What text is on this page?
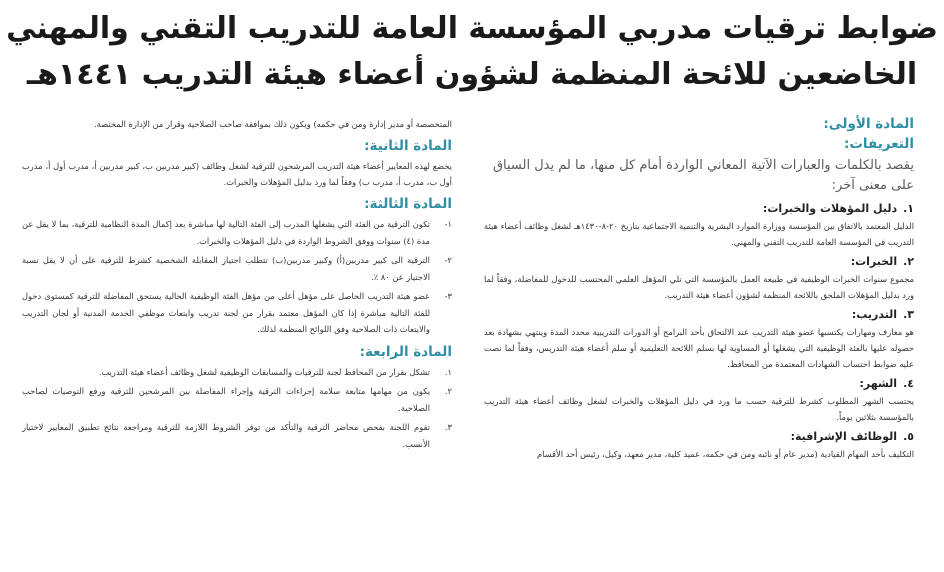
ضوابط ترقيات مدربي المؤسسة العامة للتدريب التقني والمهني
الخاضعين للائحة المنظمة لشؤون أعضاء هيئة التدريب ١٤٤١هـ
المادة الأولى:
التعريفات:
يقصد بالكلمات والعبارات الآتية المعاني الواردة أمام كل منها، ما لم يدل السياق على معنى آخر:
١.دليل المؤهلات والخبرات:
الدليل المعتمد بالاتفاق بين المؤسسة ووزارة الموارد البشرية والتنمية الاجتماعية بتاريخ ٢٠-٨-١٤٣٠هـ لشغل وظائف أعضاء هيئة التدريب في المؤسسة العامة للتدريب التقني والمهني.
٢.الخبرات:
مجموع سنوات الخبرات الوظيفية في طبيعة العمل بالمؤسسة التي تلي المؤهل العلمي المحتسب للدخول للمفاضلة، وفقاً لما ورد بدليل المؤهلات الملحق باللائحة المنظمة لشؤون أعضاء هيئة التدريب.
٣.التدريب:
هو معارف ومهارات يكتسبها عضو هيئة التدريب عند الالتحاق بأحد البرامج أو الدورات التدريبية محدد المدة وينتهي بشهادة بعد حصوله عليها بالفئة الوظيفية التي يشغلها أو المساوية لها بسلم اللائحة التعليمية أو سلم أعضاء هيئة التدريس، وفقاً لما نصت عليه ضوابط احتساب الشهادات المعتمدة من المحافظ.
٤.الشهر:
يحتسب الشهر المطلوب كشرط للترقية حسب ما ورد في دليل المؤهلات والخبرات لشغل وظائف أعضاء هيئة التدريب بالمؤسسة بثلاثين يوماً.
٥.الوظائف الإشرافية:
التكليف بأحد المهام القيادية (مدير عام أو نائبه ومن في حكمه، عميد كلية، مدير معهد، وكيل، رئيس أحد الأقسام
المتخصصة أو مدير إدارة ومن في حكمه) ويكون ذلك بموافقة صاحب الصلاحية وقرار من الإدارة المختصة.
المادة الثانية:
يخضع لهذه المعايير أعضاء هيئة التدريب المرشحون للترقية لشغل وظائف (كبير مدربين ب، كبير مدربين أ، مدرب أول أ، مدرب أول ب، مدرب أ، مدرب ب) وفقاً لما ورد بدليل المؤهلات والخبرات.
المادة الثالثة:
١-
تكون الترقية من الفئة التي يشغلها المدرب إلى الفئة التالية لها مباشرة بعد إكمال المدة النظامية للترقية، بما لا يقل عن مدة (٤) سنوات ووفق الشروط الواردة في دليل المؤهلات والخبرات.
٢-
الترقية الى كبير مدربين(أ) وكبير مدربين(ب) تتطلب اجتياز المقابلة الشخصية كشرط للترقية على أن لا يقل نسبة الاجتياز عن ٨٠ ٪.
٣-
عضو هيئة التدريب الحاصل على مؤهل أعلى من مؤهل الفئة الوظيفية الحالية يستحق المفاضلة للترقية كمستوى دخول للفئة التالية مباشرة إذا كان المؤهل معتمد بقرار من لجنة تدريب وابتعاث موظفي الخدمة المدنية أو لجان التدريب والابتعاث ذات الصلاحية وفق اللوائح المنظمة لذلك.
المادة الرابعة:
١.
تشكل بقرار من المحافظ لجنة للترقيات والمسابقات الوظيفية لشغل وظائف أعضاء هيئة التدريب.
٢.
يكون من مهامها متابعة سلامة إجراءات الترقية وإجراء المفاضلة بين المرشحين للترقية ورفع التوصيات لصاحب الصلاحية.
٣.
تقوم اللجنة بفحص محاضر الترقية والتأكد من توفر الشروط اللازمة للترقية ومراجعة نتائج تطبيق المعايير لاختيار الأنسب.
